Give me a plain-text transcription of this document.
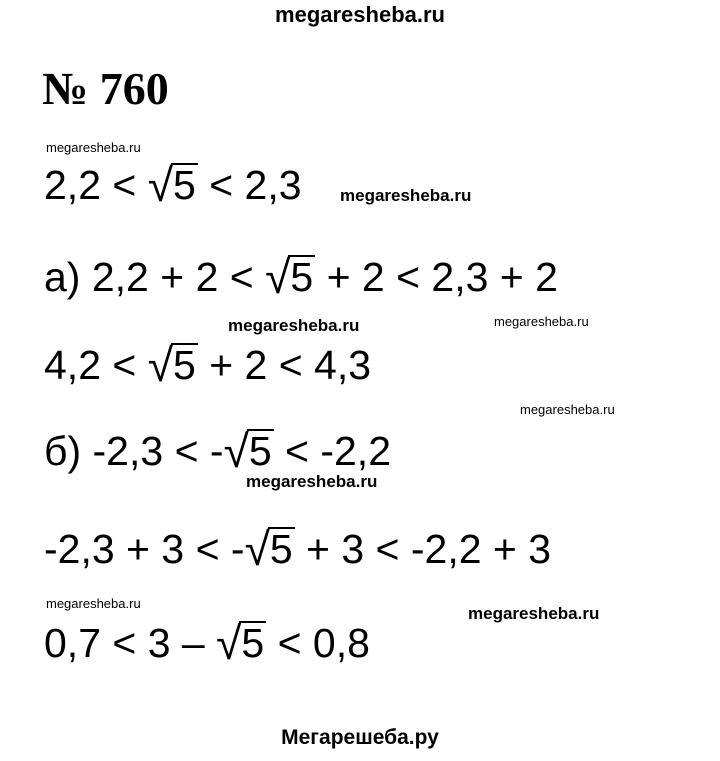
megaresheba.ru
№ 760
megaresheba.ru
2,2 < √5 < 2,3 megaresheba.ru
а) 2,2 + 2 < √5 + 2 < 2,3 + 2
megaresheba.ru	megaresheba.ru
4,2 < √5 + 2 < 4,3
megaresheba.ru
б) -2,3 < -√5 < -2,2
megaresheba.ru
-2,3 + 3 < -√5 + 3 < -2,2 + 3
megaresheba.ru
megaresheba.ru
0,7 < 3 – √5 < 0,8
Мегарешеба.ру
